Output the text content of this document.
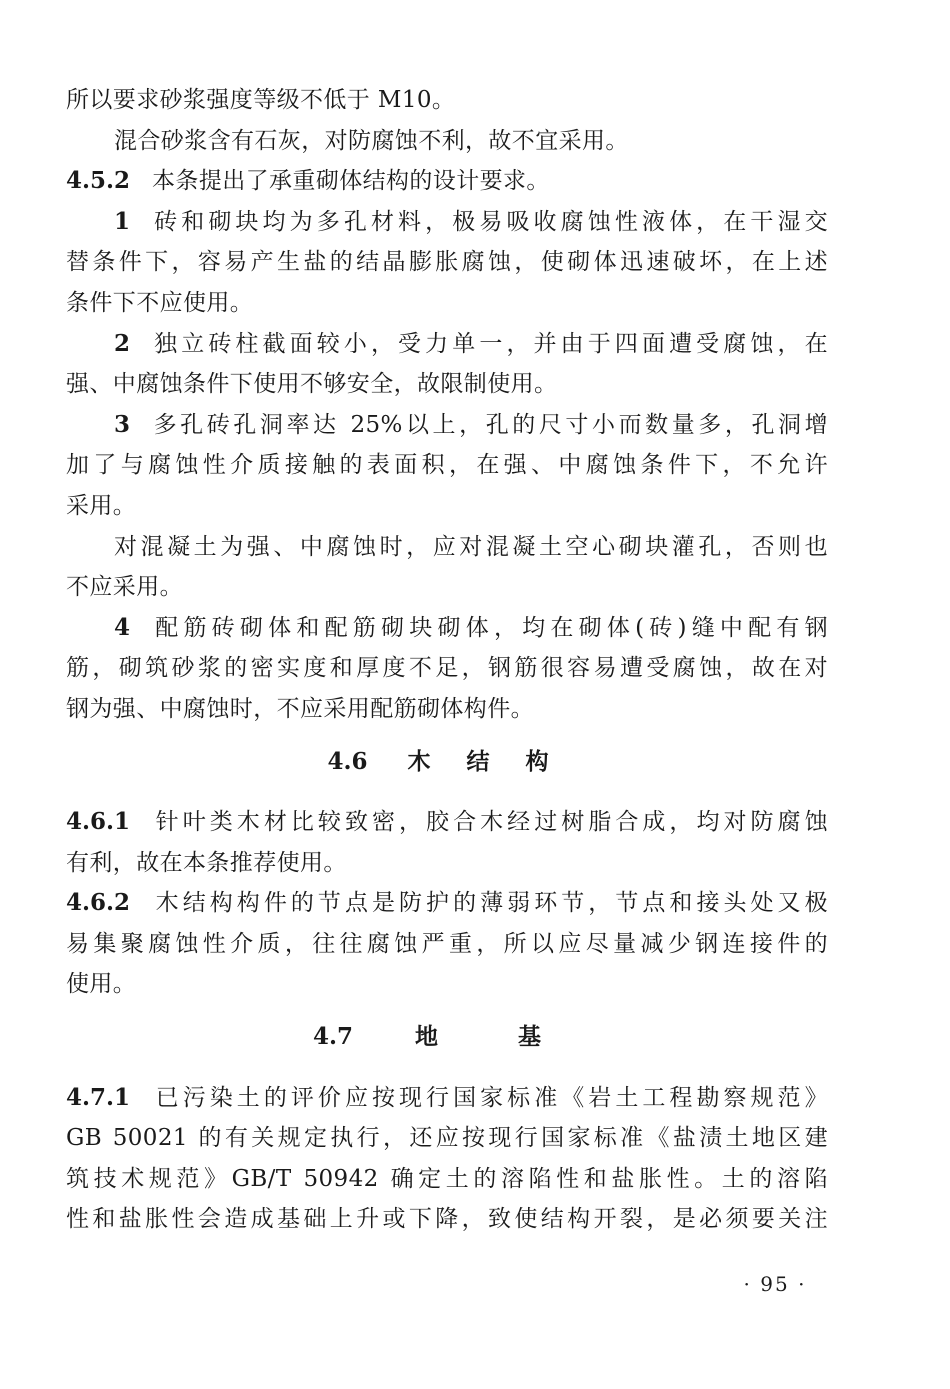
所以要求砂浆强度等级不低于 M10。
混合砂浆含有石灰，对防腐蚀不利，故不宜采用。
4.5.2 本条提出了承重砌体结构的设计要求。
1 砖和砌块均为多孔材料，极易吸收腐蚀性液体，在干湿交
替条件下，容易产生盐的结晶膨胀腐蚀，使砌体迅速破坏，在上述
条件下不应使用。
2 独立砖柱截面较小，受力单一，并由于四面遭受腐蚀，在
强、中腐蚀条件下使用不够安全，故限制使用。
3 多孔砖孔洞率达 25%以上，孔的尺寸小而数量多，孔洞增
加了与腐蚀性介质接触的表面积，在强、中腐蚀条件下，不允许
采用。
对混凝土为强、中腐蚀时，应对混凝土空心砌块灌孔，否则也
不应采用。
4 配筋砖砌体和配筋砌块砌体，均在砌体(砖)缝中配有钢
筋，砌筑砂浆的密实度和厚度不足，钢筋很容易遭受腐蚀，故在对
钢为强、中腐蚀时，不应采用配筋砌体构件。
4.6 木 结 构
4.6.1 针叶类木材比较致密，胶合木经过树脂合成，均对防腐蚀
有利，故在本条推荐使用。
4.6.2 木结构构件的节点是防护的薄弱环节，节点和接头处又极
易集聚腐蚀性介质，往往腐蚀严重，所以应尽量减少钢连接件的
使用。
4.7	地	基
4.7.1 已污染土的评价应按现行国家标准《岩土工程勘察规范》
GB 50021 的有关规定执行，还应按现行国家标准《盐渍土地区建
筑技术规范》GB/T 50942 确定土的溶陷性和盐胀性。土的溶陷
性和盐胀性会造成基础上升或下降，致使结构开裂，是必须要关注
· 95 ·
